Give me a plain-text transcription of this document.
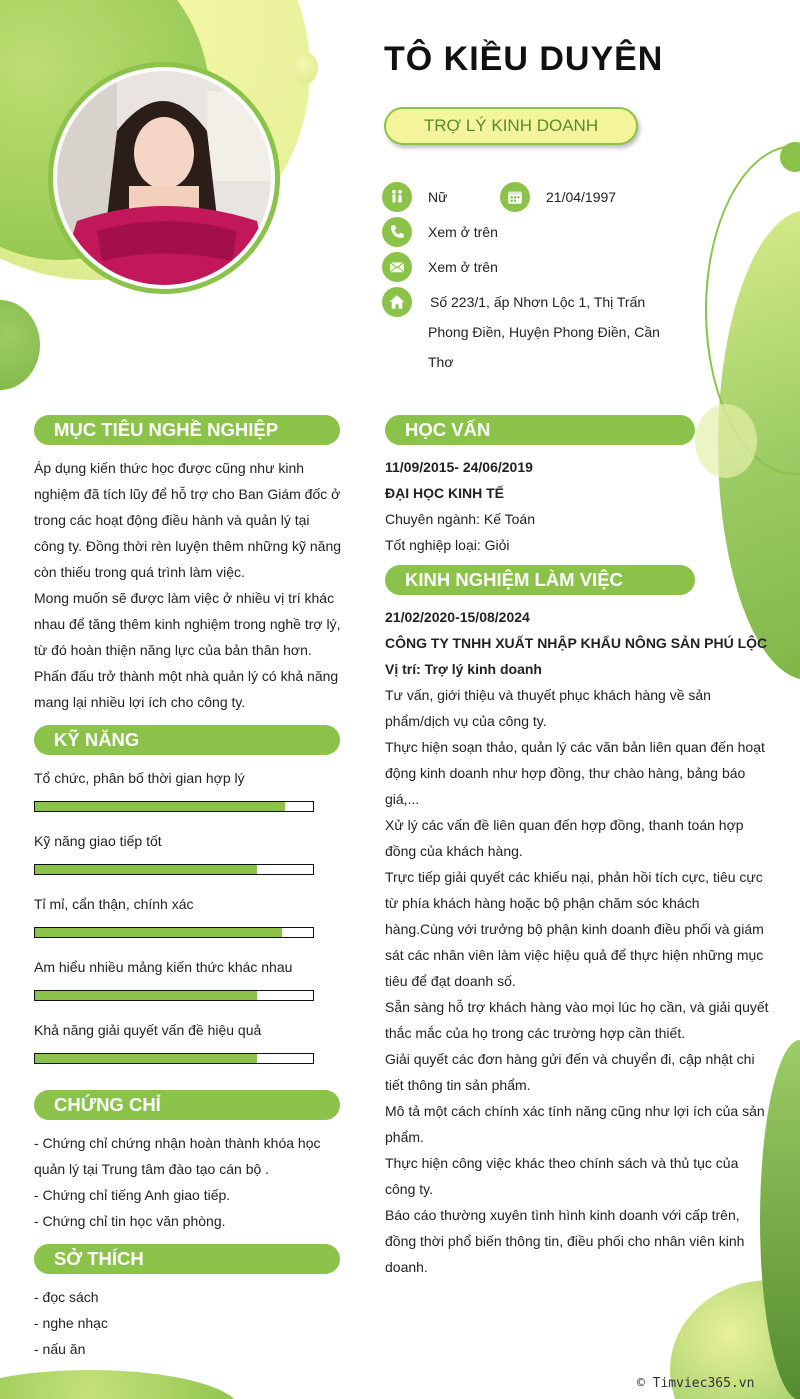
TÔ KIỀU DUYÊN
TRỢ LÝ KINH DOANH
Nữ	21/04/1997
Xem ở trên
Xem ở trên
Số 223/1, ấp Nhơn Lộc 1, Thị Trấn
Phong Điền, Huyện Phong Điền, Cần
Thơ
MỤC TIÊU NGHỀ NGHIỆP

Áp dụng kiến thức học được cũng như kinh

nghiệm đã tích lũy để hỗ trợ cho Ban Giám đốc ở

trong các hoạt động điều hành và quản lý tại

công ty. Đồng thời rèn luyện thêm những kỹ năng

còn thiếu trong quá trình làm việc.

Mong muốn sẽ được làm việc ở nhiều vị trí khác

nhau để tăng thêm kinh nghiệm trong nghề trợ lý,

từ đó hoàn thiện năng lực của bản thân hơn.

Phấn đấu trở thành một nhà quản lý có khả năng

mang lại nhiều lợi ích cho công ty.

KỸ NĂNG
Tổ chức, phân bố thời gian hợp lý
Kỹ năng giao tiếp tốt
Tỉ mỉ, cẩn thận, chính xác
Am hiểu nhiều mảng kiến thức khác nhau
Khả năng giải quyết vấn đề hiệu quả
CHỨNG CHỈ

- Chứng chỉ chứng nhận hoàn thành khóa học

quản lý tại Trung tâm đào tạo cán bộ .

- Chứng chỉ tiếng Anh giao tiếp.

- Chứng chỉ tin học văn phòng.

SỞ THÍCH

- đọc sách

- nghe nhạc

- nấu ăn

HỌC VẤN

11/09/2015- 24/06/2019

ĐẠI HỌC KINH TẾ

Chuyên ngành: Kế Toán

Tốt nghiệp loại: Giỏi

KINH NGHIỆM LÀM VIỆC

21/02/2020-15/08/2024

CÔNG TY TNHH XUẤT NHẬP KHẨU NÔNG SẢN PHÚ LỘC

Vị trí: Trợ lý kinh doanh

Tư vấn, giới thiệu và thuyết phục khách hàng về sản

phẩm/dịch vụ của công ty.

Thực hiện soạn thảo, quản lý các văn bản liên quan đến hoạt

động kinh doanh như hợp đồng, thư chào hàng, bảng báo

giá,...

Xử lý các vấn đề liên quan đến hợp đồng, thanh toán hợp

đồng của khách hàng.

Trực tiếp giải quyết các khiếu nại, phản hồi tích cực, tiêu cực

từ phía khách hàng hoặc bộ phận chăm sóc khách

hàng.Cùng với trưởng bộ phận kinh doanh điều phối và giám

sát các nhân viên làm việc hiệu quả để thực hiện những mục

tiêu để đạt doanh số.

Sẵn sàng hỗ trợ khách hàng vào mọi lúc họ cần, và giải quyết

thắc mắc của họ trong các trường hợp cần thiết.

Giải quyết các đơn hàng gửi đến và chuyển đi, cập nhật chi

tiết thông tin sản phẩm.

Mô tả một cách chính xác tính năng cũng như lợi ích của sản

phẩm.

Thực hiện công việc khác theo chính sách và thủ tục của

công ty.

Báo cáo thường xuyên tình hình kinh doanh với cấp trên,

đồng thời phổ biến thông tin, điều phối cho nhân viên kinh

doanh.

© Timviec365.vn
